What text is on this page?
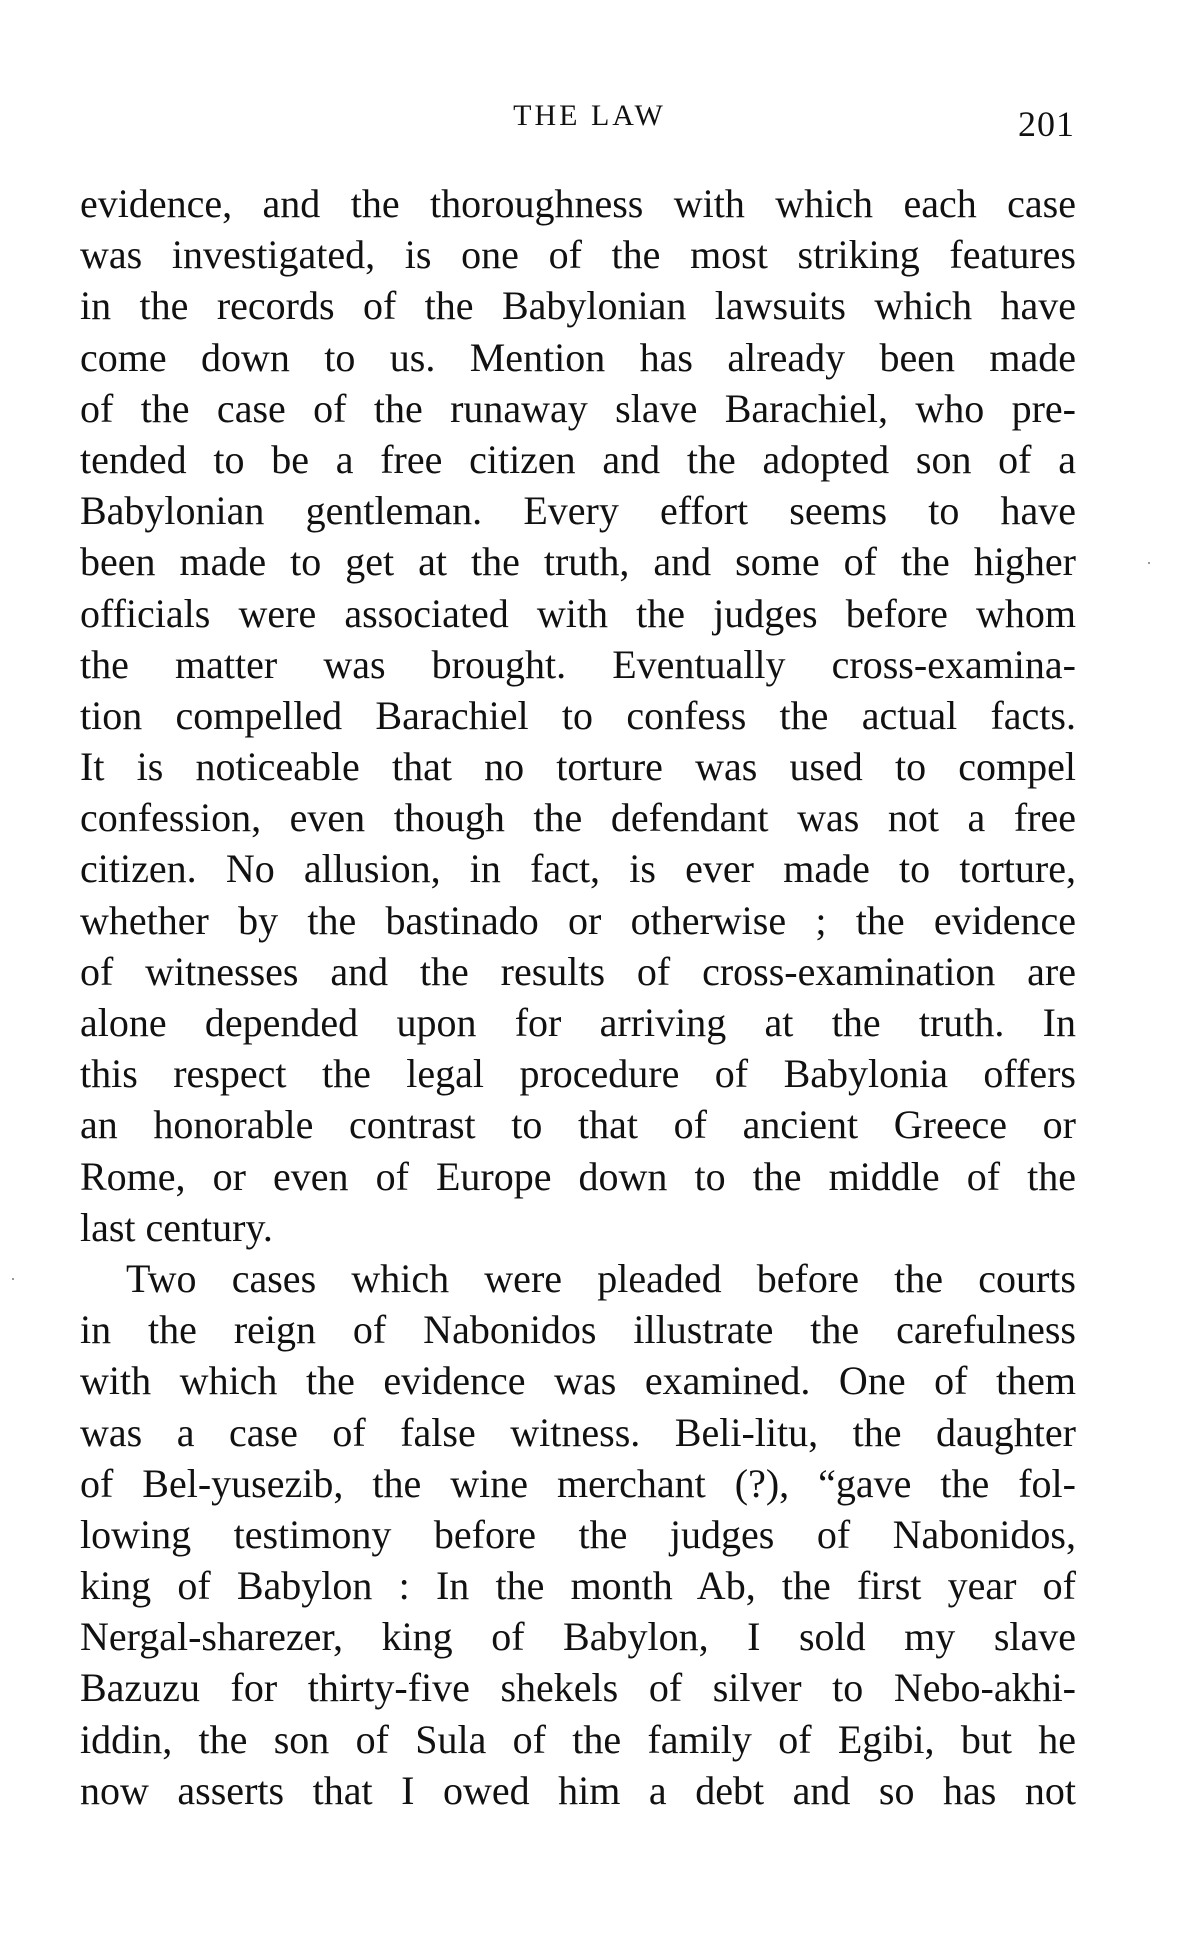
THE LAW	201
evidence, and the thoroughness with which each case
was investigated, is one of the most striking features
in the records of the Babylonian lawsuits which have
come down to us. Mention has already been made
of the case of the runaway slave Barachiel, who pre-
tended to be a free citizen and the adopted son of a
Babylonian gentleman. Every effort seems to have
been made to get at the truth, and some of the higher
officials were associated with the judges before whom
the matter was brought. Eventually cross-examina-
tion compelled Barachiel to confess the actual facts.
It is noticeable that no torture was used to compel
confession, even though the defendant was not a free
citizen. No allusion, in fact, is ever made to torture,
whether by the bastinado or otherwise ; the evidence
of witnesses and the results of cross-examination are
alone depended upon for arriving at the truth. In
this respect the legal procedure of Babylonia offers
an honorable contrast to that of ancient Greece or
Rome, or even of Europe down to the middle of the
last century.
Two cases which were pleaded before the courts
in the reign of Nabonidos illustrate the carefulness
with which the evidence was examined. One of them
was a case of false witness. Beli-litu, the daughter
of Bel-yusezib, the wine merchant (?), “gave the fol-
lowing testimony before the judges of Nabonidos,
king of Babylon : In the month Ab, the first year of
Nergal-sharezer, king of Babylon, I sold my slave
Bazuzu for thirty-five shekels of silver to Nebo-akhi-
iddin, the son of Sula of the family of Egibi, but he
now asserts that I owed him a debt and so has not
